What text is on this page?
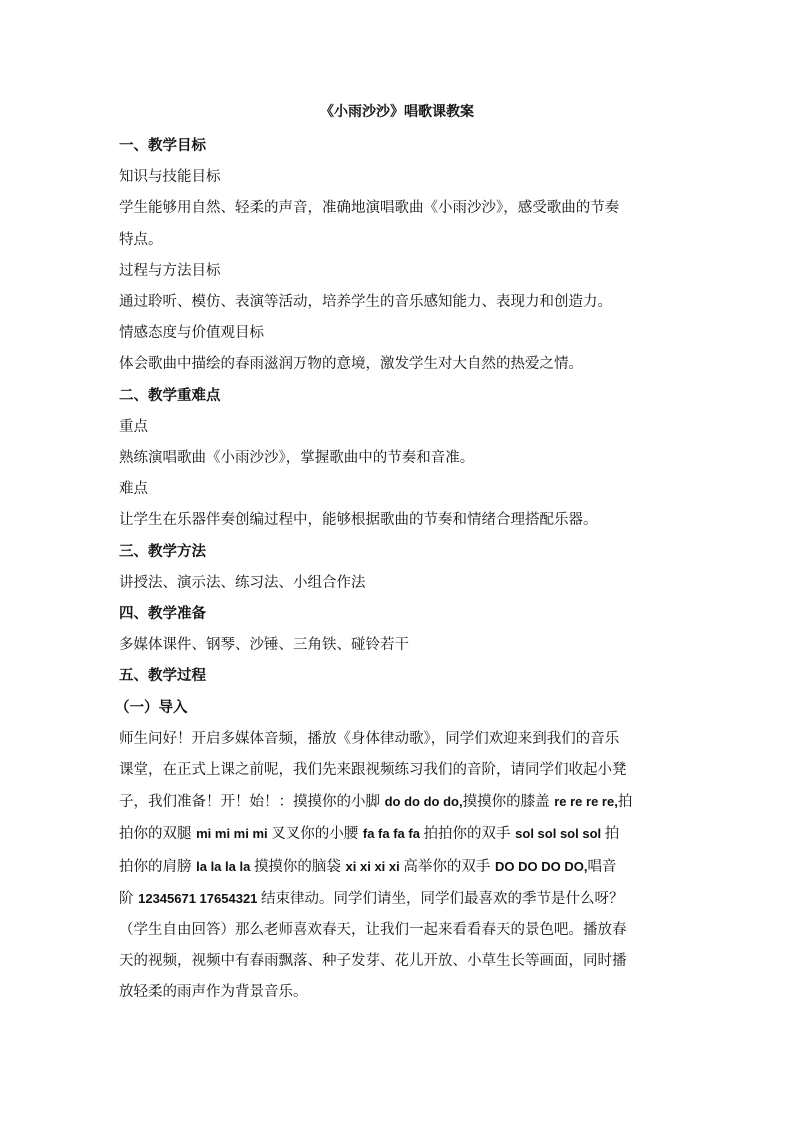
《小雨沙沙》唱歌课教案

一、教学目标

知识与技能目标

学生能够用自然、轻柔的声音，准确地演唱歌曲《小雨沙沙》，感受歌曲的节奏

特点。

过程与方法目标

通过聆听、模仿、表演等活动，培养学生的音乐感知能力、表现力和创造力。

情感态度与价值观目标

体会歌曲中描绘的春雨滋润万物的意境，激发学生对大自然的热爱之情。

二、教学重难点

重点

熟练演唱歌曲《小雨沙沙》，掌握歌曲中的节奏和音准。

难点

让学生在乐器伴奏创编过程中，能够根据歌曲的节奏和情绪合理搭配乐器。

三、教学方法

讲授法、演示法、练习法、小组合作法

四、教学准备

多媒体课件、钢琴、沙锤、三角铁、碰铃若干

五、教学过程

（一）导入

师生问好！开启多媒体音频，播放《身体律动歌》，同学们欢迎来到我们的音乐

课堂，在正式上课之前呢，我们先来跟视频练习我们的音阶，请同学们收起小凳

子，我们准备！开！始！：摸摸你的小脚 do do do do,摸摸你的膝盖 re re re re,拍

拍你的双腿 mi mi mi mi 叉叉你的小腰 fa fa fa fa 拍拍你的双手 sol sol sol sol 拍

拍你的肩膀 la la la la 摸摸你的脑袋 xi xi xi xi 高举你的双手 DO DO DO DO,唱音

阶 12345671 17654321 结束律动。同学们请坐，同学们最喜欢的季节是什么呀？

（学生自由回答）那么老师喜欢春天，让我们一起来看看春天的景色吧。播放春

天的视频，视频中有春雨飘落、种子发芽、花儿开放、小草生长等画面，同时播

放轻柔的雨声作为背景音乐。
